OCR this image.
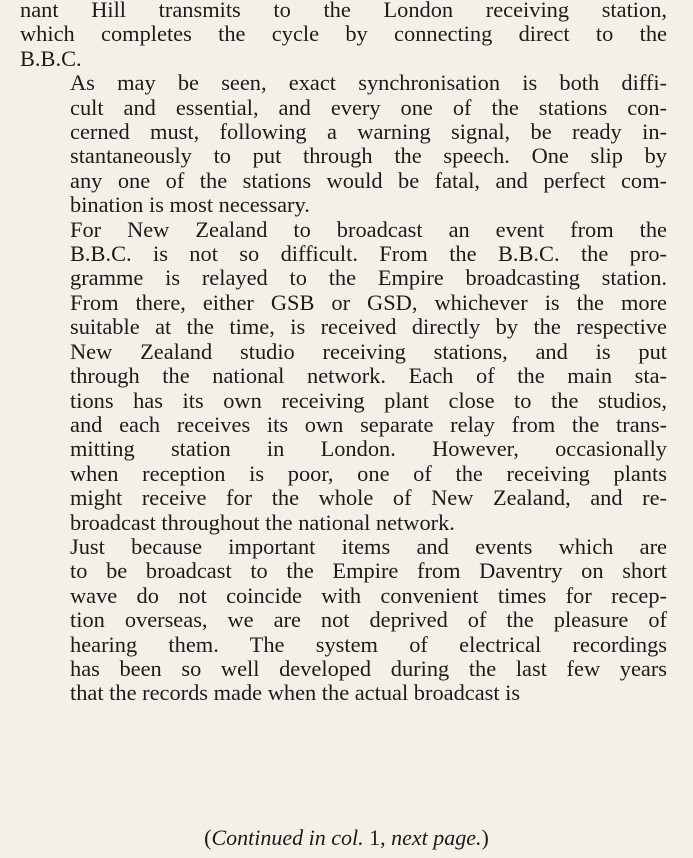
nant Hill transmits to the London receiving station,
which completes the cycle by connecting direct to the
B.B.C.

As may be seen, exact synchronisation is both diffi-
cult and essential, and every one of the stations con-
cerned must, following a warning signal, be ready in-
stantaneously to put through the speech. One slip by
any one of the stations would be fatal, and perfect com-
bination is most necessary.

For New Zealand to broadcast an event from the
B.B.C. is not so difficult. From the B.B.C. the pro-
gramme is relayed to the Empire broadcasting station.
From there, either GSB or GSD, whichever is the more
suitable at the time, is received directly by the respective
New Zealand studio receiving stations, and is put
through the national network. Each of the main sta-
tions has its own receiving plant close to the studios,
and each receives its own separate relay from the trans-
mitting station in London. However, occasionally
when reception is poor, one of the receiving plants
might receive for the whole of New Zealand, and re-
broadcast throughout the national network.

Just because important items and events which are
to be broadcast to the Empire from Daventry on short
wave do not coincide with convenient times for recep-
tion overseas, we are not deprived of the pleasure of
hearing them. The system of electrical recordings
has been so well developed during the last few years
that the records made when the actual broadcast is

(Continued in col. 1, next page.)
